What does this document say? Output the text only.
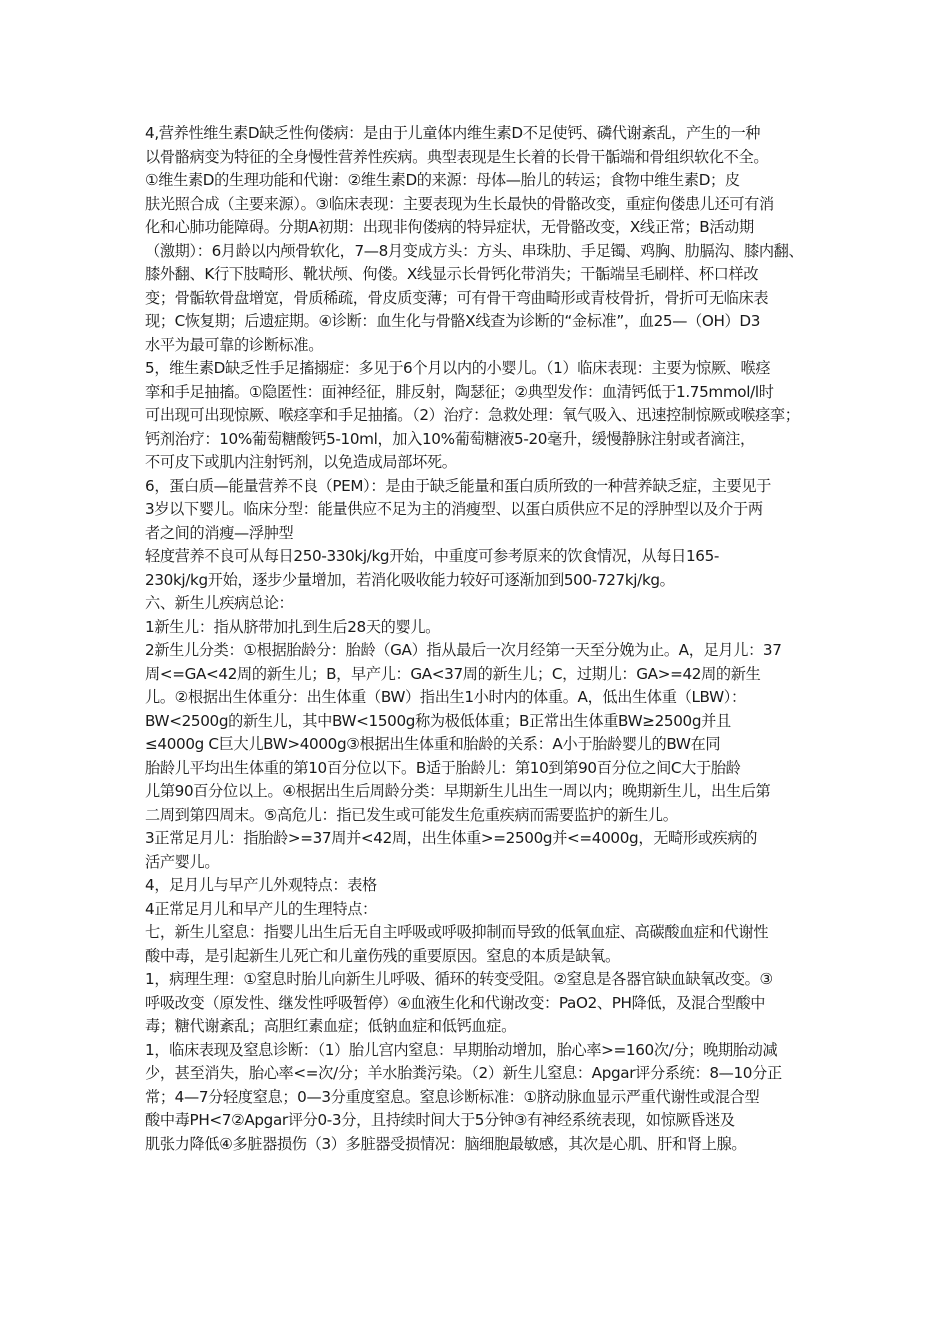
4,营养性维生素D缺乏性佝偻病：是由于儿童体内维生素D不足使钙、磷代谢紊乱，产生的一种
以骨骼病变为特征的全身慢性营养性疾病。典型表现是生长着的长骨干骺端和骨组织软化不全。
①维生素D的生理功能和代谢：②维生素D的来源：母体—胎儿的转运；食物中维生素D；皮
肤光照合成（主要来源）。③临床表现：主要表现为生长最快的骨骼改变，重症佝偻患儿还可有消
化和心肺功能障碍。分期A初期：出现非佝偻病的特异症状，无骨骼改变，X线正常；B活动期
（激期）：6月龄以内颅骨软化，7—8月变成方头：方头、串珠肋、手足镯、鸡胸、肋膈沟、膝内翻、
膝外翻、K行下肢畸形、靴状颅、佝偻。X线显示长骨钙化带消失；干骺端呈毛刷样、杯口样改
变；骨骺软骨盘增宽，骨质稀疏，骨皮质变薄；可有骨干弯曲畸形或青枝骨折，骨折可无临床表
现；C恢复期；后遗症期。④诊断：血生化与骨骼X线查为诊断的“金标准”，血25—（OH）D3
水平为最可靠的诊断标准。
5，维生素D缺乏性手足搐搦症：多见于6个月以内的小婴儿。（1）临床表现：主要为惊厥、喉痉
挛和手足抽搐。①隐匿性：面神经征，腓反射，陶瑟征；②典型发作：血清钙低于1.75mmol/l时
可出现可出现惊厥、喉痉挛和手足抽搐。（2）治疗：急救处理：氧气吸入、迅速控制惊厥或喉痉挛；
钙剂治疗：10%葡萄糖酸钙5-10ml，加入10%葡萄糖液5-20毫升，缓慢静脉注射或者滴注，
不可皮下或肌内注射钙剂，以免造成局部坏死。
6，蛋白质—能量营养不良（PEM）：是由于缺乏能量和蛋白质所致的一种营养缺乏症，主要见于
3岁以下婴儿。临床分型：能量供应不足为主的消瘦型、以蛋白质供应不足的浮肿型以及介于两
者之间的消瘦—浮肿型
轻度营养不良可从每日250-330kj/kg开始，中重度可参考原来的饮食情况，从每日165-
230kj/kg开始，逐步少量增加，若消化吸收能力较好可逐渐加到500-727kj/kg。
六、新生儿疾病总论：
1新生儿：指从脐带加扎到生后28天的婴儿。
2新生儿分类：①根据胎龄分：胎龄（GA）指从最后一次月经第一天至分娩为止。A，足月儿：37
周<=GA<42周的新生儿；B，早产儿：GA<37周的新生儿；C，过期儿：GA>=42周的新生
儿。②根据出生体重分：出生体重（BW）指出生1小时内的体重。A，低出生体重（LBW）：
BW<2500g的新生儿，其中BW<1500g称为极低体重；B正常出生体重BW≥2500g并且
≤4000g C巨大儿BW>4000g③根据出生体重和胎龄的关系：A小于胎龄婴儿的BW在同
胎龄儿平均出生体重的第10百分位以下。B适于胎龄儿：第10到第90百分位之间C大于胎龄
儿第90百分位以上。④根据出生后周龄分类：早期新生儿出生一周以内；晚期新生儿，出生后第
二周到第四周末。⑤高危儿：指已发生或可能发生危重疾病而需要监护的新生儿。
3正常足月儿：指胎龄>=37周并<42周，出生体重>=2500g并<=4000g，无畸形或疾病的
活产婴儿。
4，足月儿与早产儿外观特点：表格
4正常足月儿和早产儿的生理特点：
七，新生儿窒息：指婴儿出生后无自主呼吸或呼吸抑制而导致的低氧血症、高碳酸血症和代谢性
酸中毒，是引起新生儿死亡和儿童伤残的重要原因。窒息的本质是缺氧。
1，病理生理：①窒息时胎儿向新生儿呼吸、循环的转变受阻。②窒息是各器官缺血缺氧改变。③
呼吸改变（原发性、继发性呼吸暂停）④血液生化和代谢改变：PaO2、PH降低，及混合型酸中
毒；糖代谢紊乱；高胆红素血症；低钠血症和低钙血症。
1，临床表现及窒息诊断：（1）胎儿宫内窒息：早期胎动增加，胎心率>=160次/分；晚期胎动减
少，甚至消失，胎心率<=次/分；羊水胎粪污染。（2）新生儿窒息：Apgar评分系统：8—10分正
常；4—7分轻度窒息；0—3分重度窒息。窒息诊断标准：①脐动脉血显示严重代谢性或混合型
酸中毒PH<7②Apgar评分0-3分，且持续时间大于5分钟③有神经系统表现，如惊厥昏迷及
肌张力降低④多脏器损伤（3）多脏器受损情况：脑细胞最敏感，其次是心肌、肝和肾上腺。
